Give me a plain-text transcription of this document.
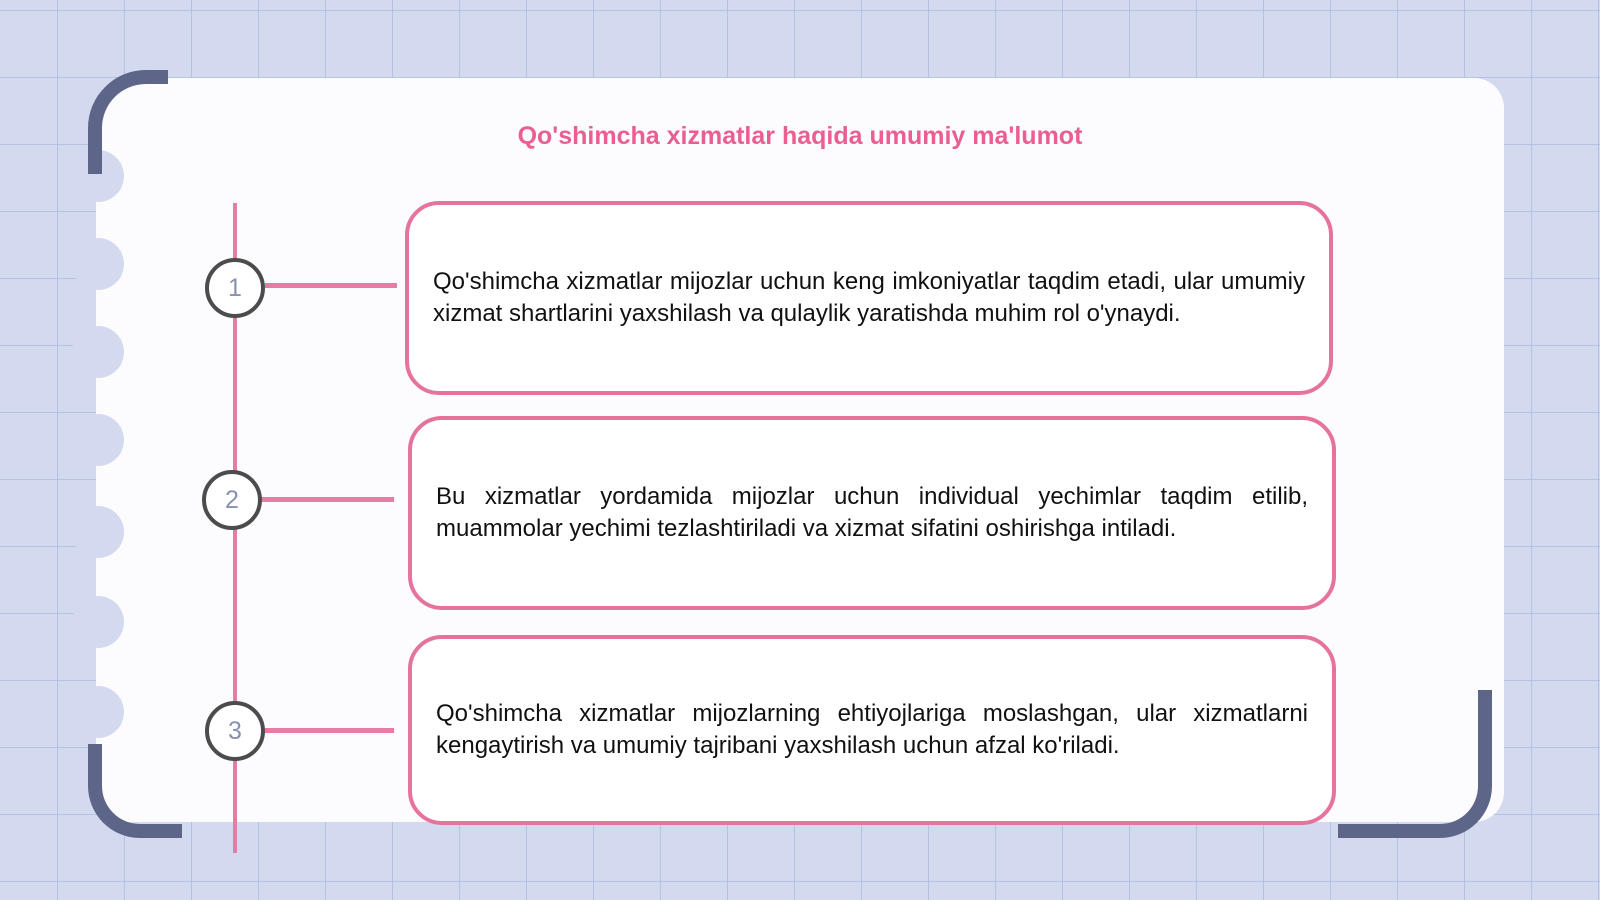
Qo'shimcha xizmatlar haqida umumiy ma'lumot
1	Qo'shimcha xizmatlar mijozlar uchun keng imkoniyatlar taqdim etadi, ular umumiy xizmat shartlarini yaxshilash va qulaylik yaratishda muhim rol o'ynaydi.

2	Bu xizmatlar yordamida mijozlar uchun individual yechimlar taqdim etilib, muammolar yechimi tezlashtiriladi va xizmat sifatini oshirishga intiladi.

3

Qo'shimcha xizmatlar mijozlarning ehtiyojlariga moslashgan, ular xizmatlarni kengaytirish va umumiy tajribani yaxshilash uchun afzal ko'riladi.
